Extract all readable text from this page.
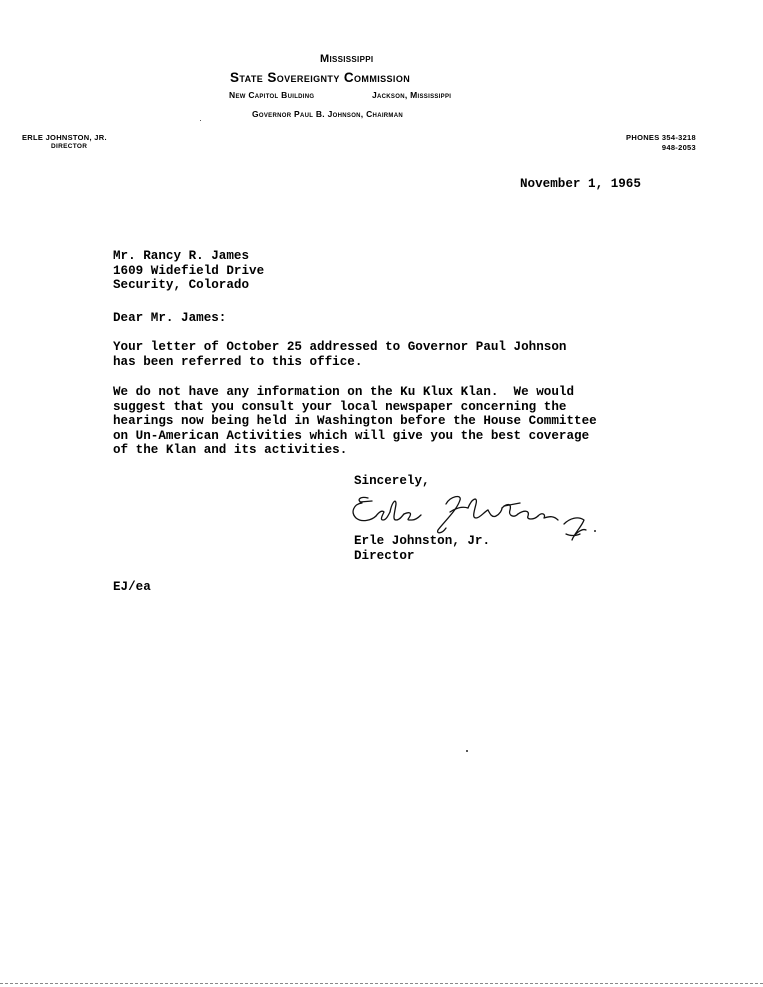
Mississippi
State Sovereignty Commission
New Capitol Building	Jackson, Mississippi
Governor Paul B. Johnson, Chairman
ERLE JOHNSTON, JR.
DIRECTOR
PHONES 354-3218
948-2053
November 1, 1965
Mr. Rancy R. James
1609 Widefield Drive
Security, Colorado
Dear Mr. James:
Your letter of October 25 addressed to Governor Paul Johnson
has been referred to this office.
We do not have any information on the Ku Klux Klan.  We would
suggest that you consult your local newspaper concerning the
hearings now being held in Washington before the House Committee
on Un-American Activities which will give you the best coverage
of the Klan and its activities.
Sincerely,
Erle Johnston, Jr.
Director
EJ/ea
